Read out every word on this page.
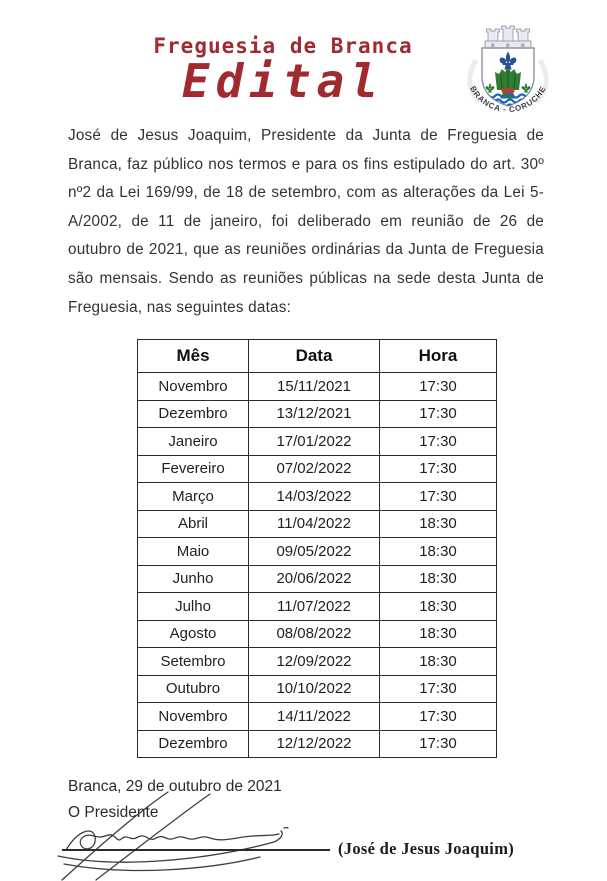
Freguesia de Branca
Edital	BRANCA - CORUCHE
José de Jesus Joaquim, Presidente da Junta de Freguesia de Branca, faz público nos termos e para os fins estipulado do art. 30º nº2 da Lei 169/99, de 18 de setembro, com as alterações da Lei 5-A/2002, de 11 de janeiro, foi deliberado em reunião de 26 de outubro de 2021, que as reuniões ordinárias da Junta de Freguesia são mensais. Sendo as reuniões públicas na sede desta Junta de Freguesia, nas seguintes datas:
Mês	Data	Hora
Novembro	15/11/2021	17:30
Dezembro	13/12/2021	17:30
Janeiro	17/01/2022	17:30
Fevereiro	07/02/2022	17:30
Março	14/03/2022	17:30
Abril	11/04/2022	18:30
Maio	09/05/2022	18:30
Junho	20/06/2022	18:30
Julho	11/07/2022	18:30
Agosto	08/08/2022	18:30
Setembro	12/09/2022	18:30
Outubro	10/10/2022	17:30
Novembro	14/11/2022	17:30
Dezembro	12/12/2022	17:30
Branca, 29 de outubro de 2021
O Presidente
(José de Jesus Joaquim)
